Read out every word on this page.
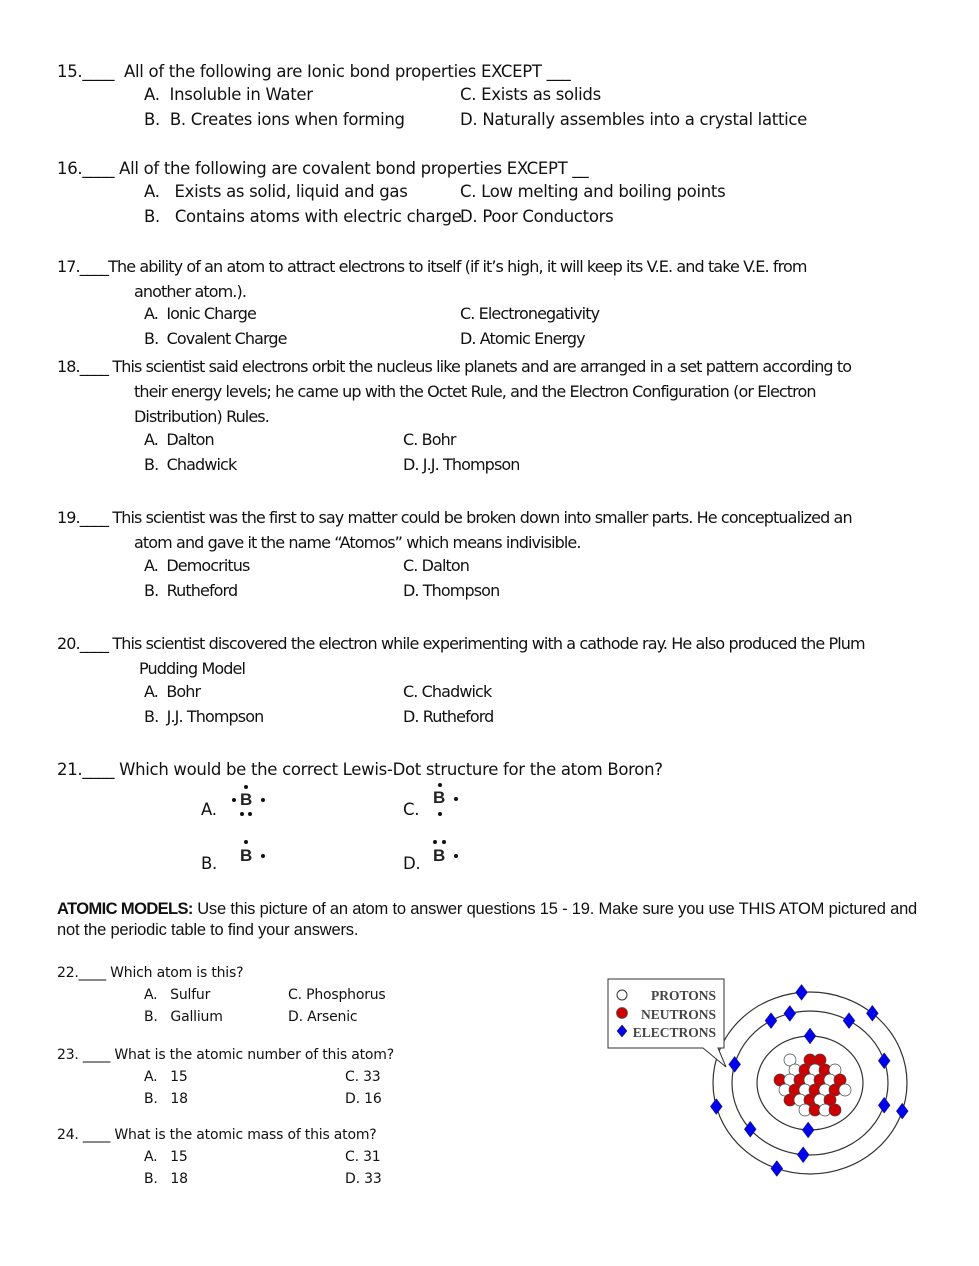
15.____ All of the following are Ionic bond properties EXCEPT ___
A. Insoluble in Water
B. B. Creates ions when forming
C. Exists as solids
D. Naturally assembles into a crystal lattice
16.____ All of the following are covalent bond properties EXCEPT __
A. Exists as solid, liquid and gas
B. Contains atoms with electric charge
C. Low melting and boiling points
D. Poor Conductors
17.____The ability of an atom to attract electrons to itself (if it’s high, it will keep its V.E. and take V.E. from
another atom.).
A. Ionic Charge
B. Covalent Charge
C. Electronegativity
D. Atomic Energy
18.____ This scientist said electrons orbit the nucleus like planets and are arranged in a set pattern according to
their energy levels; he came up with the Octet Rule, and the Electron Configuration (or Electron
Distribution) Rules.
A. Dalton
B. Chadwick
C. Bohr
D. J.J. Thompson
19.____ This scientist was the first to say matter could be broken down into smaller parts. He conceptualized an
atom and gave it the name “Atomos” which means indivisible.
A. Democritus
B. Rutheford
C. Dalton
D. Thompson
20.____ This scientist discovered the electron while experimenting with a cathode ray. He also produced the Plum
Pudding Model
A. Bohr
B. J.J. Thompson
C. Chadwick
D. Rutheford
21.____ Which would be the correct Lewis-Dot structure for the atom Boron?
A.
B
B. B
C.
B
D. B
ATOMIC MODELS: Use this picture of an atom to answer questions 15 - 19. Make sure you use THIS ATOM pictured and not the periodic table to find your answers.
22.____ Which atom is this?
A. Sulfur
B. Gallium
C. Phosphorus
D. Arsenic
23. ____ What is the atomic number of this atom?
A. 15
B. 18
C. 33
D. 16
24. ____ What is the atomic mass of this atom?
A. 15
B. 18
C. 31
D. 33
PROTONS
NEUTRONS
ELECTRONS
